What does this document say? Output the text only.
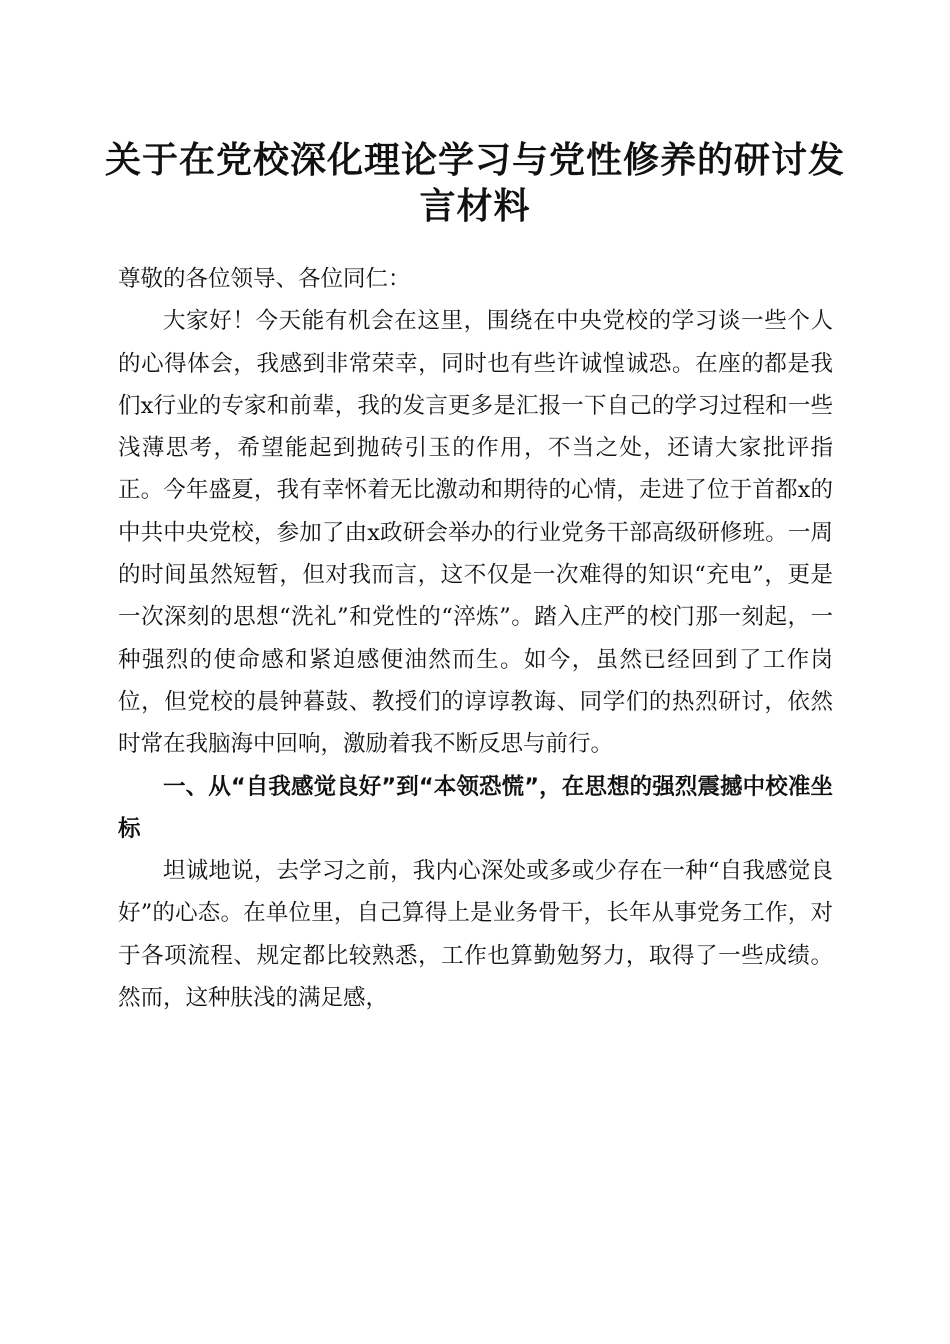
关于在党校深化理论学习与党性修养的研讨发言材料

尊敬的各位领导、各位同仁：

大家好！今天能有机会在这里，围绕在中央党校的学习谈一些个人的心得体会，我感到非常荣幸，同时也有些许诚惶诚恐。在座的都是我们x行业的专家和前辈，我的发言更多是汇报一下自己的学习过程和一些浅薄思考，希望能起到抛砖引玉的作用，不当之处，还请大家批评指正。今年盛夏，我有幸怀着无比激动和期待的心情，走进了位于首都x的中共中央党校，参加了由x政研会举办的行业党务干部高级研修班。一周的时间虽然短暂，但对我而言，这不仅是一次难得的知识“充电”，更是一次深刻的思想“洗礼”和党性的“淬炼”。踏入庄严的校门那一刻起，一种强烈的使命感和紧迫感便油然而生。如今，虽然已经回到了工作岗位，但党校的晨钟暮鼓、教授们的谆谆教诲、同学们的热烈研讨，依然时常在我脑海中回响，激励着我不断反思与前行。

一、从“自我感觉良好”到“本领恐慌”，在思想的强烈震撼中校准坐标

坦诚地说，去学习之前，我内心深处或多或少存在一种“自我感觉良好”的心态。在单位里，自己算得上是业务骨干，长年从事党务工作，对于各项流程、规定都比较熟悉，工作也算勤勉努力，取得了一些成绩。然而，这种肤浅的满足感，
